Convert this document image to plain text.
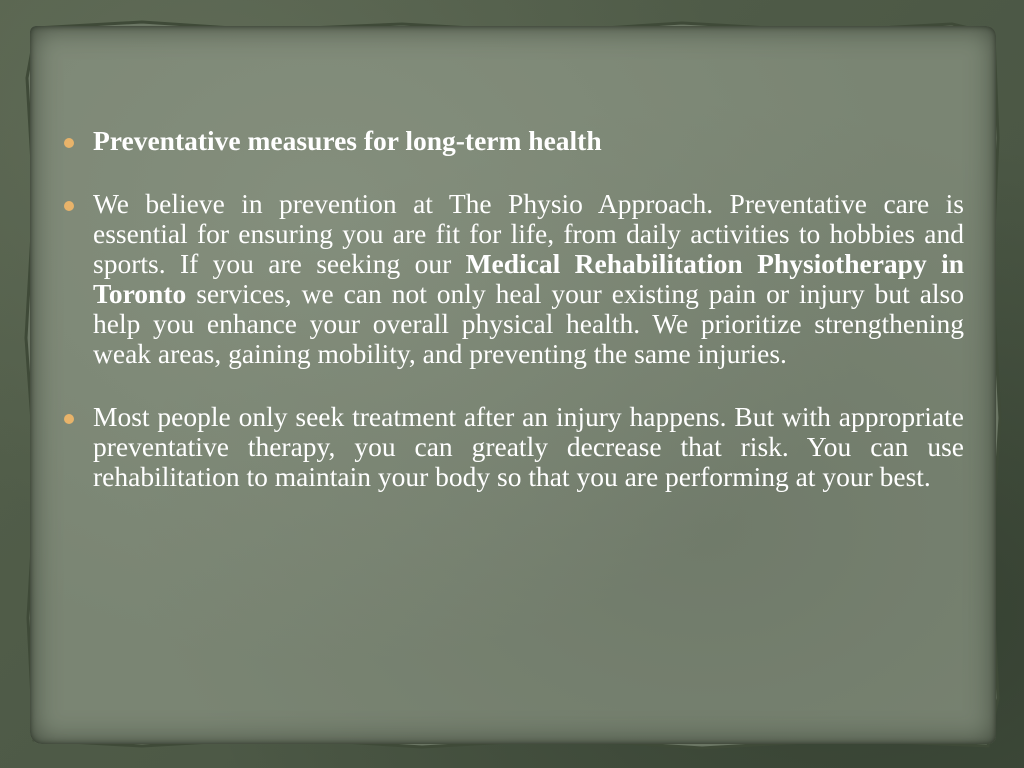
Preventative measures for long-term health
We believe in prevention at The Physio Approach. Preventative care is essential for ensuring you are fit for life, from daily activities to hobbies and sports. If you are seeking our Medical Rehabilitation Physiotherapy in Toronto services, we can not only heal your existing pain or injury but also help you enhance your overall physical health. We prioritize strengthening weak areas, gaining mobility, and preventing the same injuries.
Most people only seek treatment after an injury happens. But with appropriate preventative therapy, you can greatly decrease that risk. You can use rehabilitation to maintain your body so that you are performing at your best.
